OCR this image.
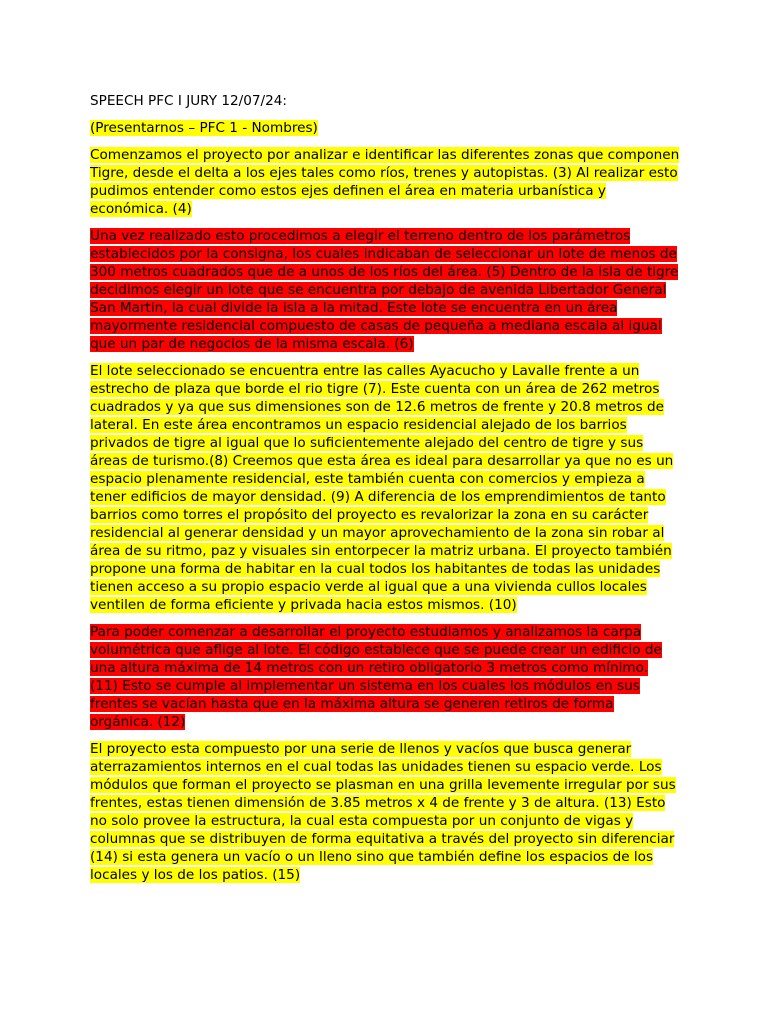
SPEECH PFC I JURY 12/07/24:

(Presentarnos – PFC 1 - Nombres)

Comenzamos el proyecto por analizar e identificar las diferentes zonas que componen Tigre, desde el delta a los ejes tales como ríos, trenes y autopistas. (3) Al realizar esto pudimos entender como estos ejes definen el área en materia urbanística y económica. (4)

Una vez realizado esto procedimos a elegir el terreno dentro de los parámetros establecidos por la consigna, los cuales indicaban de seleccionar un lote de menos de 300 metros cuadrados que de a unos de los ríos del área. (5) Dentro de la isla de tigre decidimos elegir un lote que se encuentra por debajo de avenida Libertador General San Martin, la cual divide la isla a la mitad. Este lote se encuentra en un área mayormente residencial compuesto de casas de pequeña a mediana escala al igual que un par de negocios de la misma escala. (6)

El lote seleccionado se encuentra entre las calles Ayacucho y Lavalle frente a un estrecho de plaza que borde el rio tigre (7). Este cuenta con un área de 262 metros cuadrados y ya que sus dimensiones son de 12.6 metros de frente y 20.8 metros de lateral. En este área encontramos un espacio residencial alejado de los barrios privados de tigre al igual que lo suficientemente alejado del centro de tigre y sus áreas de turismo.(8) Creemos que esta área es ideal para desarrollar ya que no es un espacio plenamente residencial, este también cuenta con comercios y empieza a tener edificios de mayor densidad. (9) A diferencia de los emprendimientos de tanto barrios como torres el propósito del proyecto es revalorizar la zona en su carácter residencial al generar densidad y un mayor aprovechamiento de la zona sin robar al área de su ritmo, paz y visuales sin entorpecer la matriz urbana. El proyecto también propone una forma de habitar en la cual todos los habitantes de todas las unidades tienen acceso a su propio espacio verde al igual que a una vivienda cullos locales ventilen de forma eficiente y privada hacia estos mismos. (10)

Para poder comenzar a desarrollar el proyecto estudiamos y analizamos la carpa volumétrica que aflige al lote. El código establece que se puede crear un edificio de una altura máxima de 14 metros con un retiro obligatorio 3 metros como mínimo. (11) Esto se cumple al implementar un sistema en los cuales los módulos en sus frentes se vacían hasta que en la máxima altura se generen retiros de forma orgánica. (12)

El proyecto esta compuesto por una serie de llenos y vacíos que busca generar aterrazamientos internos en el cual todas las unidades tienen su espacio verde. Los módulos que forman el proyecto se plasman en una grilla levemente irregular por sus frentes, estas tienen dimensión de 3.85 metros x 4 de frente y 3 de altura. (13) Esto no solo provee la estructura, la cual esta compuesta por un conjunto de vigas y columnas que se distribuyen de forma equitativa a través del proyecto sin diferenciar (14) si esta genera un vacío o un lleno sino que también define los espacios de los locales y los de los patios. (15)
